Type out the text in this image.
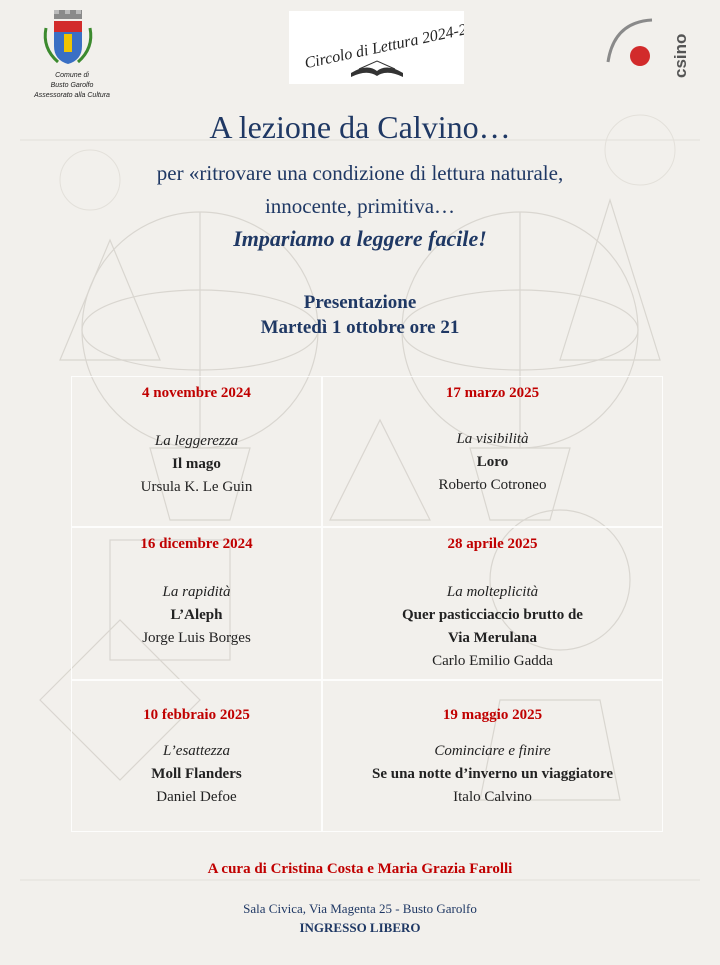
Comune di
Busto Garolfo
Assessorato alla Cultura
Circolo di Lettura 2024-25	cs⁠ino
A lezione da Calvino…
per «ritrovare una condizione di lettura naturale,
innocente, primitiva…
Impariamo a leggere facile!
Presentazione
Martedì 1 ottobre ore 21
4 novembre 2024
La leggerezza
Il mago
Ursula K. Le Guin
17 marzo 2025
La visibilità
Loro
Roberto Cotroneo
16 dicembre 2024
La rapidità
L’Aleph
Jorge Luis Borges
28 aprile 2025
La molteplicità
Quer pasticciaccio brutto de
Via Merulana
Carlo Emilio Gadda
10 febbraio 2025
L’esattezza
Moll Flanders
Daniel Defoe
19 maggio 2025
Cominciare e finire
Se una notte d’inverno un viaggiatore
Italo Calvino
A cura di Cristina Costa e Maria Grazia Farolli
Sala Civica, Via Magenta 25 - Busto Garolfo
INGRESSO LIBERO
